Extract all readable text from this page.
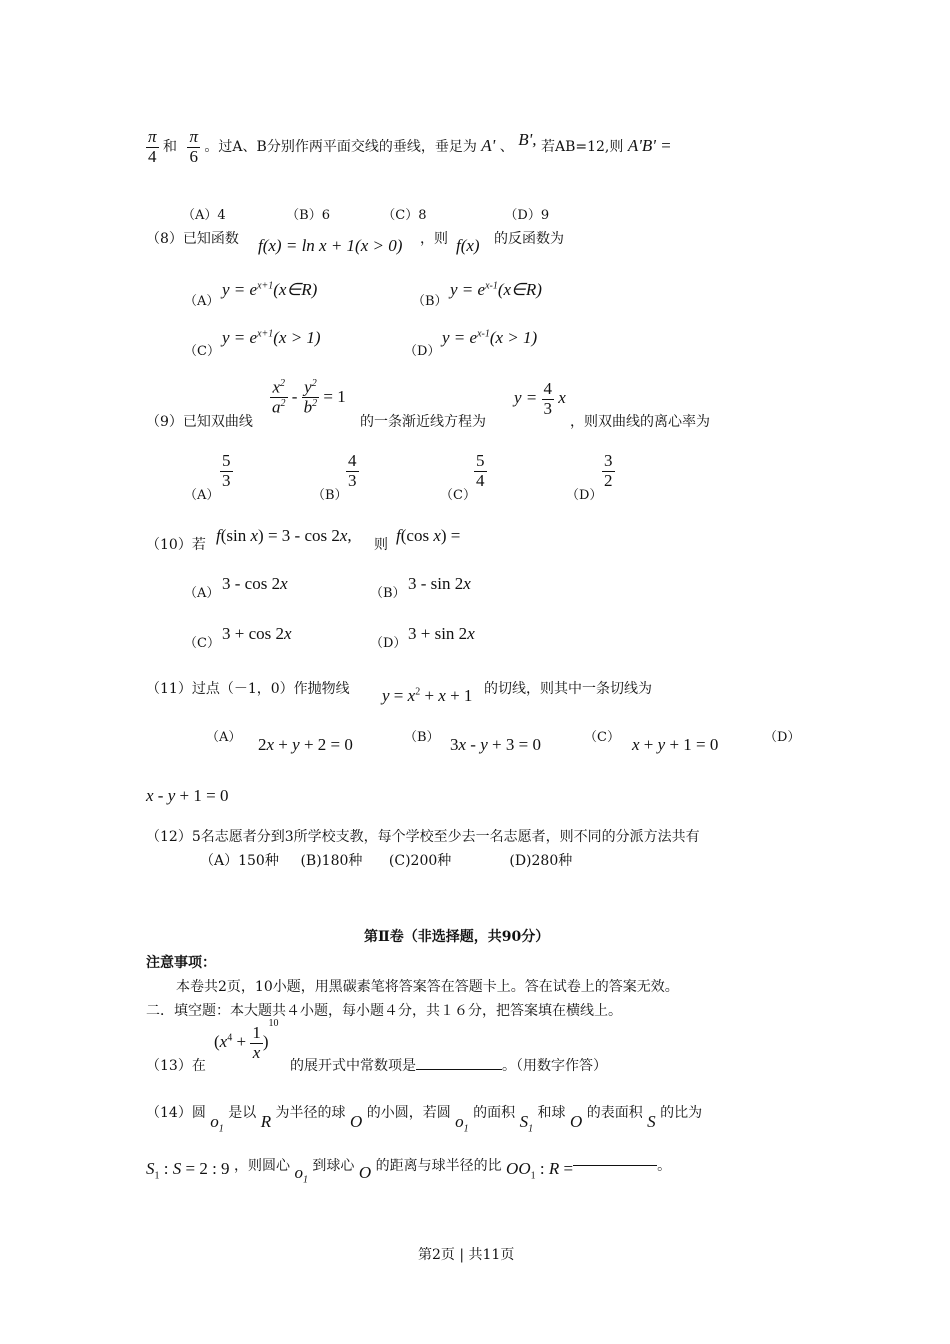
$\frac{\pi}{4}$ 和 $\frac{\pi}{6}$ 。过A、B分别作两平面交线的垂线，垂足为 A' 、 B', 若AB=12,则 A'B' =
（A）4	（B）6	（C）8	（D）9
（8）已知函数 f(x) = ln x + 1(x > 0) ，则 f(x) 的反函数为
（A）
$y = e^{x+1}(x\in R)$
（B）
$y = e^{x-1}(x\in R)$
（C）
$y = e^{x+1}(x > 1)$
（D）
$y = e^{x-1}(x > 1)$
（9）已知双曲线
$\frac{x^2}{a^2} - \frac{y^2}{b^2} = 1$
的一条渐近线方程为
$y = \frac{4}{3}$ x
，则双曲线的离心率为
（A）
$\frac{5}{3}$
（B）
$\frac{4}{3}$
（C）
$\frac{5}{4}$
（D）
$\frac{3}{2}$
（10）若 f(sin x) = 3 - cos 2x, 则 f(cos x) =
（A）
3 - cos 2x
（B）
3 - sin 2x
（C）
3 + cos 2x
（D）
3 + sin 2x
（11）过点（－1，0）作抛物线 $y = x^2 + x + 1$ 的切线，则其中一条切线为
（A） 2x + y + 2 = 0	（B） 3x - y + 3 = 0	（C） x + y + 1 = 0	（D）
x - y + 1 = 0
（12）5名志愿者分到3所学校支教，每个学校至少去一名志愿者，则不同的分派方法共有
（A）150种 (B)180种 (C)200种	(D)280种
第Ⅱ卷（非选择题，共90分）
注意事项：
本卷共2页，10小题，用黑碳素笔将答案答在答题卡上。答在试卷上的答案无效。
二．填空题：本大题共４小题，每小题４分，共１６分，把答案填在横线上。
（13）在
$(x^4 + \frac{1}{x} )^{10}$
的展开式中常数项是	。（用数字作答）
（14）圆 $o_1$ 是以 R 为半径的球 O 的小圆，若圆 $o_1$ 的面积 $S_1$ 和球 O 的表面积 S 的比为
$S_1$ : S = 2 : 9 ，则圆心 $o_1$ 到球心 O 的距离与球半径的比 $OO_1$ : R =	。
第2页 | 共11页
